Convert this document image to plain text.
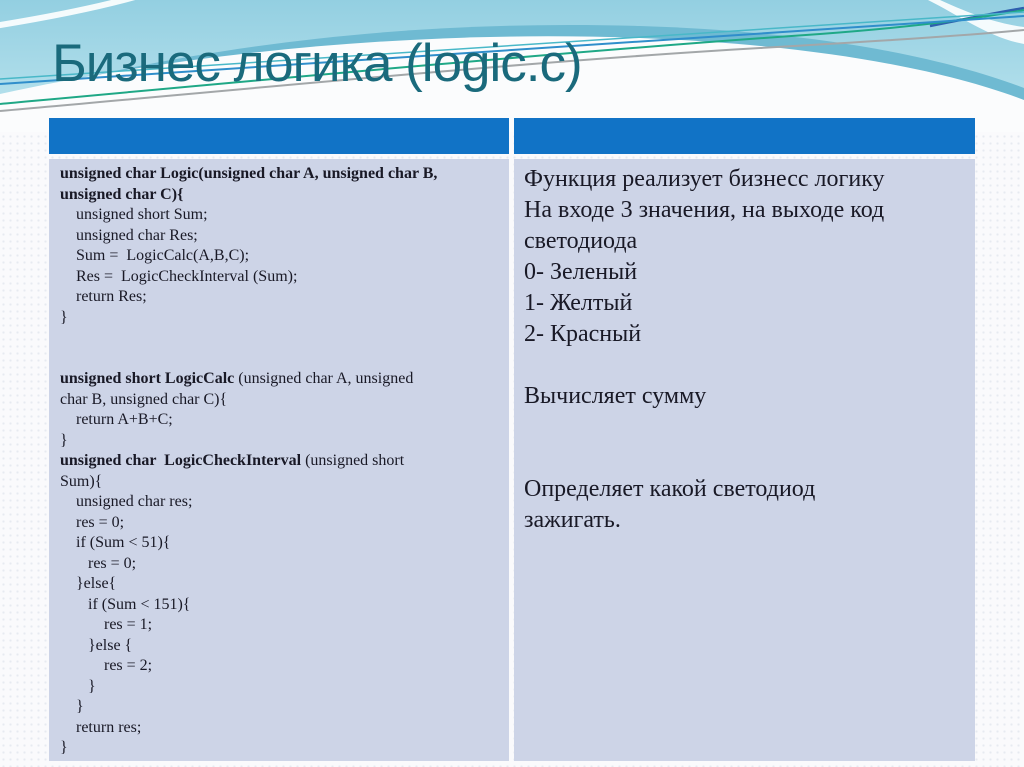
Бизнес логика (logic.c)
unsigned char Logic(unsigned char A, unsigned char B,
unsigned char C){
unsigned short Sum;
unsigned char Res;
Sum =  LogicCalc(A,B,C);
Res =  LogicCheckInterval (Sum);
return Res;
}

unsigned short LogicCalc (unsigned char A, unsigned
char B, unsigned char C){
return A+B+C;
}
unsigned char  LogicCheckInterval (unsigned short
Sum){
unsigned char res;
res = 0;
if (Sum < 51){
res = 0;
}else{
if (Sum < 151){
res = 1;
}else {
res = 2;
}
}
return res;
}
Функция реализует бизнесс логику
На входе 3 значения, на выходе код
светодиода
0- Зеленый
1- Желтый
2- Красный

Вычисляет сумму

Определяет какой светодиод
зажигать.
